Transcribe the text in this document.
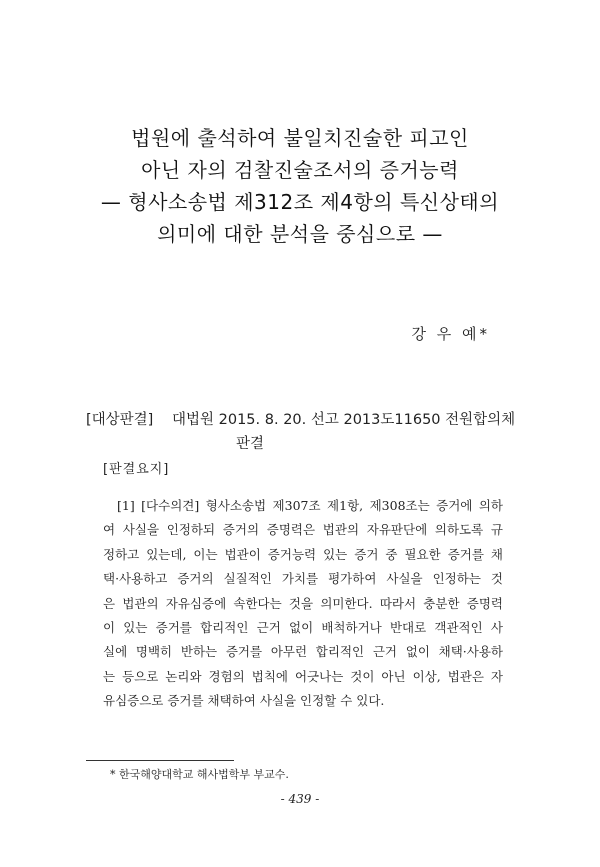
법원에 출석하여 불일치진술한 피고인
아닌 자의 검찰진술조서의 증거능력
— 형사소송법 제312조 제4항의 특신상태의
의미에 대한 분석을 중심으로 —
강 우 예*
[대상판결] 대법원 2015. 8. 20. 선고 2013도11650 전원합의체
판결
[판결요지]
[1] [다수의견] 형사소송법 제307조 제1항, 제308조는 증거에 의하
여 사실을 인정하되 증거의 증명력은 법관의 자유판단에 의하도록 규
정하고 있는데, 이는 법관이 증거능력 있는 증거 중 필요한 증거를 채
택·사용하고 증거의 실질적인 가치를 평가하여 사실을 인정하는 것
은 법관의 자유심증에 속한다는 것을 의미한다. 따라서 충분한 증명력
이 있는 증거를 합리적인 근거 없이 배척하거나 반대로 객관적인 사
실에 명백히 반하는 증거를 아무런 합리적인 근거 없이 채택·사용하
는 등으로 논리와 경험의 법칙에 어긋나는 것이 아닌 이상, 법관은 자
유심증으로 증거를 채택하여 사실을 인정할 수 있다.
* 한국해양대학교 해사법학부 부교수.
- 439 -
